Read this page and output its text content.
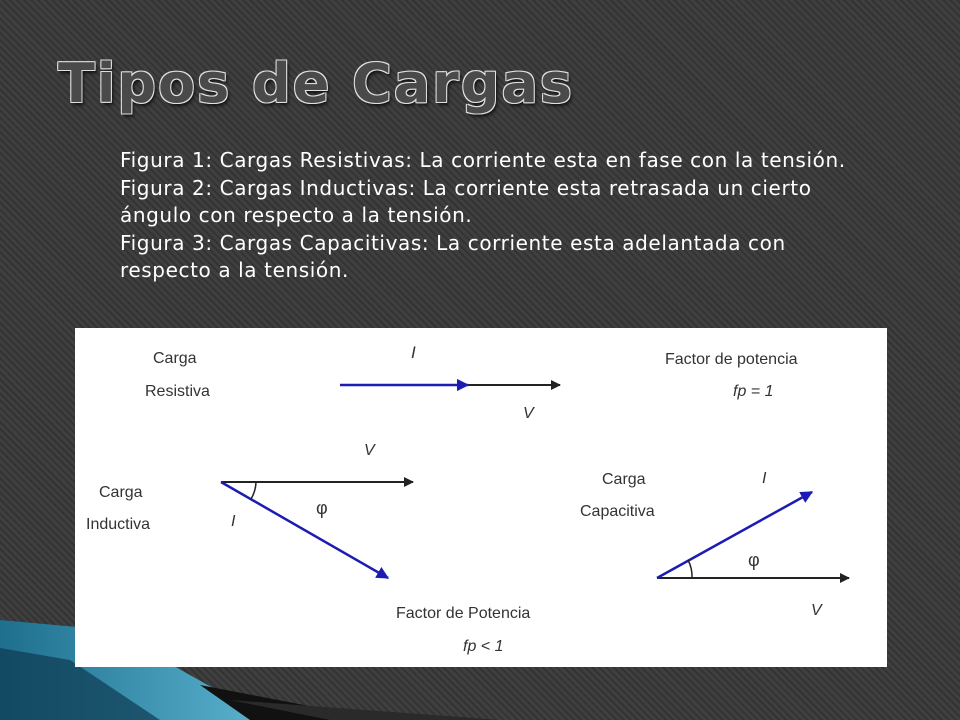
Tipos de Cargas
Figura 1: Cargas Resistivas: La corriente esta en fase con la tensión.
Figura 2: Cargas Inductivas: La corriente esta retrasada un cierto ángulo con respecto a la tensión.
Figura 3: Cargas Capacitivas: La corriente esta adelantada con respecto a la tensión.
Carga
Resistiva
I
V
Factor de potencia
fp = 1
Carga
Inductiva
V
I
φ
Factor de Potencia
fp < 1
Carga
Capacitiva
I
φ
V
